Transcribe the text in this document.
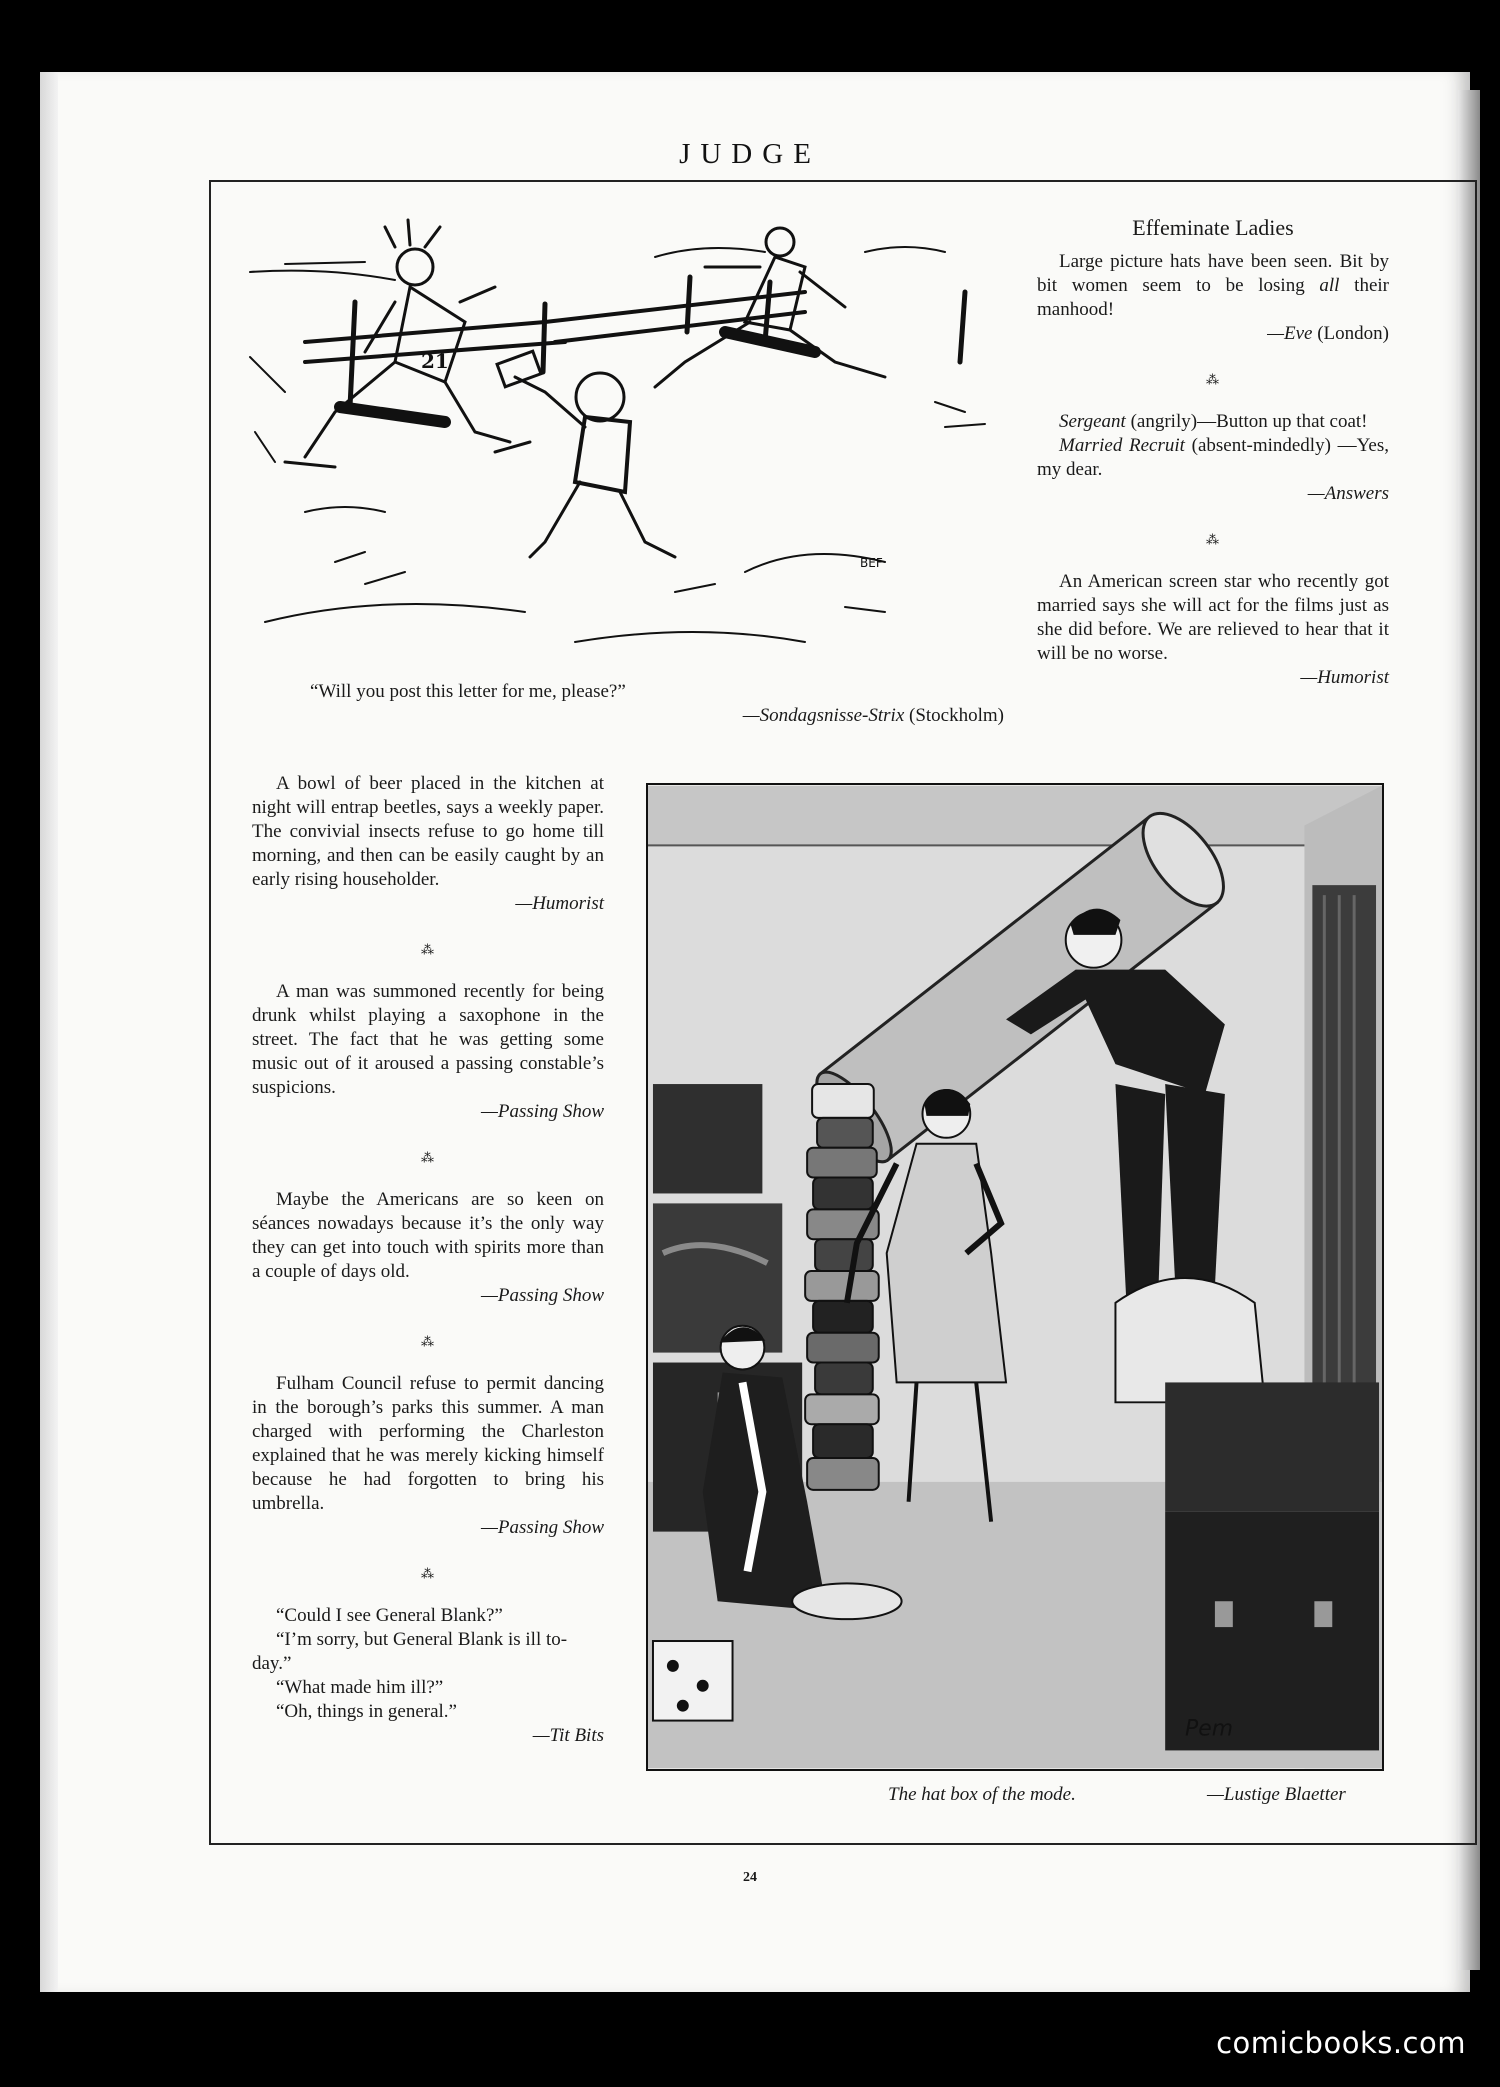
JUDGE
21
BEF
“Will you post this letter for me, please?”
—Sondagsnisse-Strix (Stockholm)
Effeminate Ladies

Large picture hats have been seen. Bit by bit women seem to be losing all their manhood!

—Eve (London)
⁂

Sergeant (angrily)—Button up that coat!

Married Recruit (absent-mindedly) —Yes, my dear.

—Answers
⁂

An American screen star who recently got married says she will act for the films just as she did before. We are relieved to hear that it will be no worse.

—Humorist

A bowl of beer placed in the kitchen at night will entrap beetles, says a weekly paper. The convivial insects refuse to go home till morning, and then can be easily caught by an early rising householder.

—Humorist
⁂

A man was summoned recently for being drunk whilst playing a saxophone in the street. The fact that he was getting some music out of it aroused a passing constable’s suspicions.

—Passing Show
⁂

Maybe the Americans are so keen on séances nowadays because it’s the only way they can get into touch with spirits more than a couple of days old.

—Passing Show
⁂

Fulham Council refuse to permit dancing in the borough’s parks this summer. A man charged with performing the Charleston explained that he was merely kicking himself because he had forgotten to bring his umbrella.

—Passing Show
⁂

“Could I see General Blank?”

“I’m sorry, but General Blank is ill to-day.”

“What made him ill?”

“Oh, things in general.”

—Tit Bits	Pem
The hat box of the mode.	—Lustige Blaetter
24
comicbooks.com
